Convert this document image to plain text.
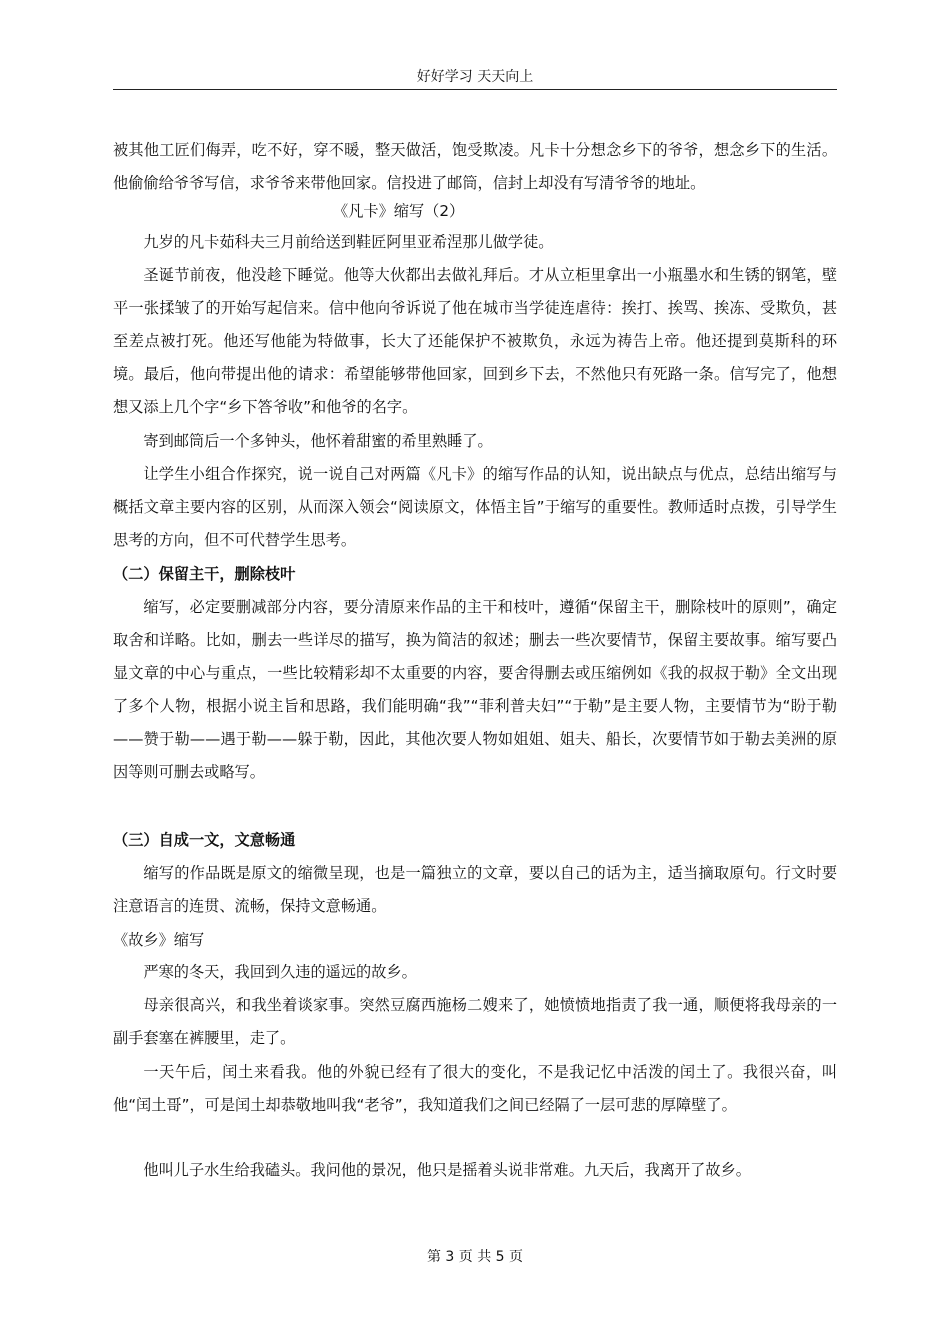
好好学习 天天向上

被其他工匠们侮弄，吃不好，穿不暖，整天做活，饱受欺凌。凡卡十分想念乡下的爷爷，想念乡下的生活。他偷偷给爷爷写信，求爷爷来带他回家。信投进了邮筒，信封上却没有写清爷爷的地址。

《凡卡》缩写（2）

九岁的凡卡茹科夫三月前给送到鞋匠阿里亚希涅那儿做学徒。

圣诞节前夜，他没趁下睡觉。他等大伙都出去做礼拜后。才从立柜里拿出一小瓶墨水和生锈的钢笔，壁平一张揉皱了的开始写起信来。信中他向爷诉说了他在城市当学徒连虐待：挨打、挨骂、挨冻、受欺负，甚至差点被打死。他还写他能为特做事，长大了还能保护不被欺负，永远为祷告上帝。他还提到莫斯科的环境。最后，他向带提出他的请求：希望能够带他回家，回到乡下去，不然他只有死路一条。信写完了，他想想又添上几个字“乡下答爷收”和他爷的名字。

寄到邮筒后一个多钟头，他怀着甜蜜的希里熟睡了。

让学生小组合作探究，说一说自己对两篇《凡卡》的缩写作品的认知，说出缺点与优点，总结出缩写与概括文章主要内容的区别，从而深入领会“阅读原文，体悟主旨”于缩写的重要性。教师适时点拨，引导学生思考的方向，但不可代替学生思考。

（二）保留主干，删除枝叶

缩写，必定要删减部分内容，要分清原来作品的主干和枝叶，遵循“保留主干，删除枝叶的原则”，确定取舍和详略。比如，删去一些详尽的描写，换为简洁的叙述；删去一些次要情节，保留主要故事。缩写要凸显文章的中心与重点，一些比较精彩却不太重要的内容，要舍得删去或压缩例如《我的叔叔于勒》全文出现了多个人物，根据小说主旨和思路，我们能明确“我”“菲利普夫妇”“于勒”是主要人物，主要情节为“盼于勒——赞于勒——遇于勒——躲于勒，因此，其他次要人物如姐姐、姐夫、船长，次要情节如于勒去美洲的原因等则可删去或略写。

（三）自成一文，文意畅通

缩写的作品既是原文的缩微呈现，也是一篇独立的文章，要以自己的话为主，适当摘取原句。行文时要注意语言的连贯、流畅，保持文意畅通。

《故乡》缩写

严寒的冬天，我回到久违的遥远的故乡。

母亲很高兴，和我坐着谈家事。突然豆腐西施杨二嫂来了，她愤愤地指责了我一通，顺便将我母亲的一副手套塞在裤腰里，走了。

一天午后，闰土来看我。他的外貌已经有了很大的变化，不是我记忆中活泼的闰土了。我很兴奋，叫他“闰土哥”，可是闰土却恭敬地叫我“老爷”，我知道我们之间已经隔了一层可悲的厚障壁了。

他叫儿子水生给我磕头。我问他的景况，他只是摇着头说非常难。九天后，我离开了故乡。

第 3 页 共 5 页
